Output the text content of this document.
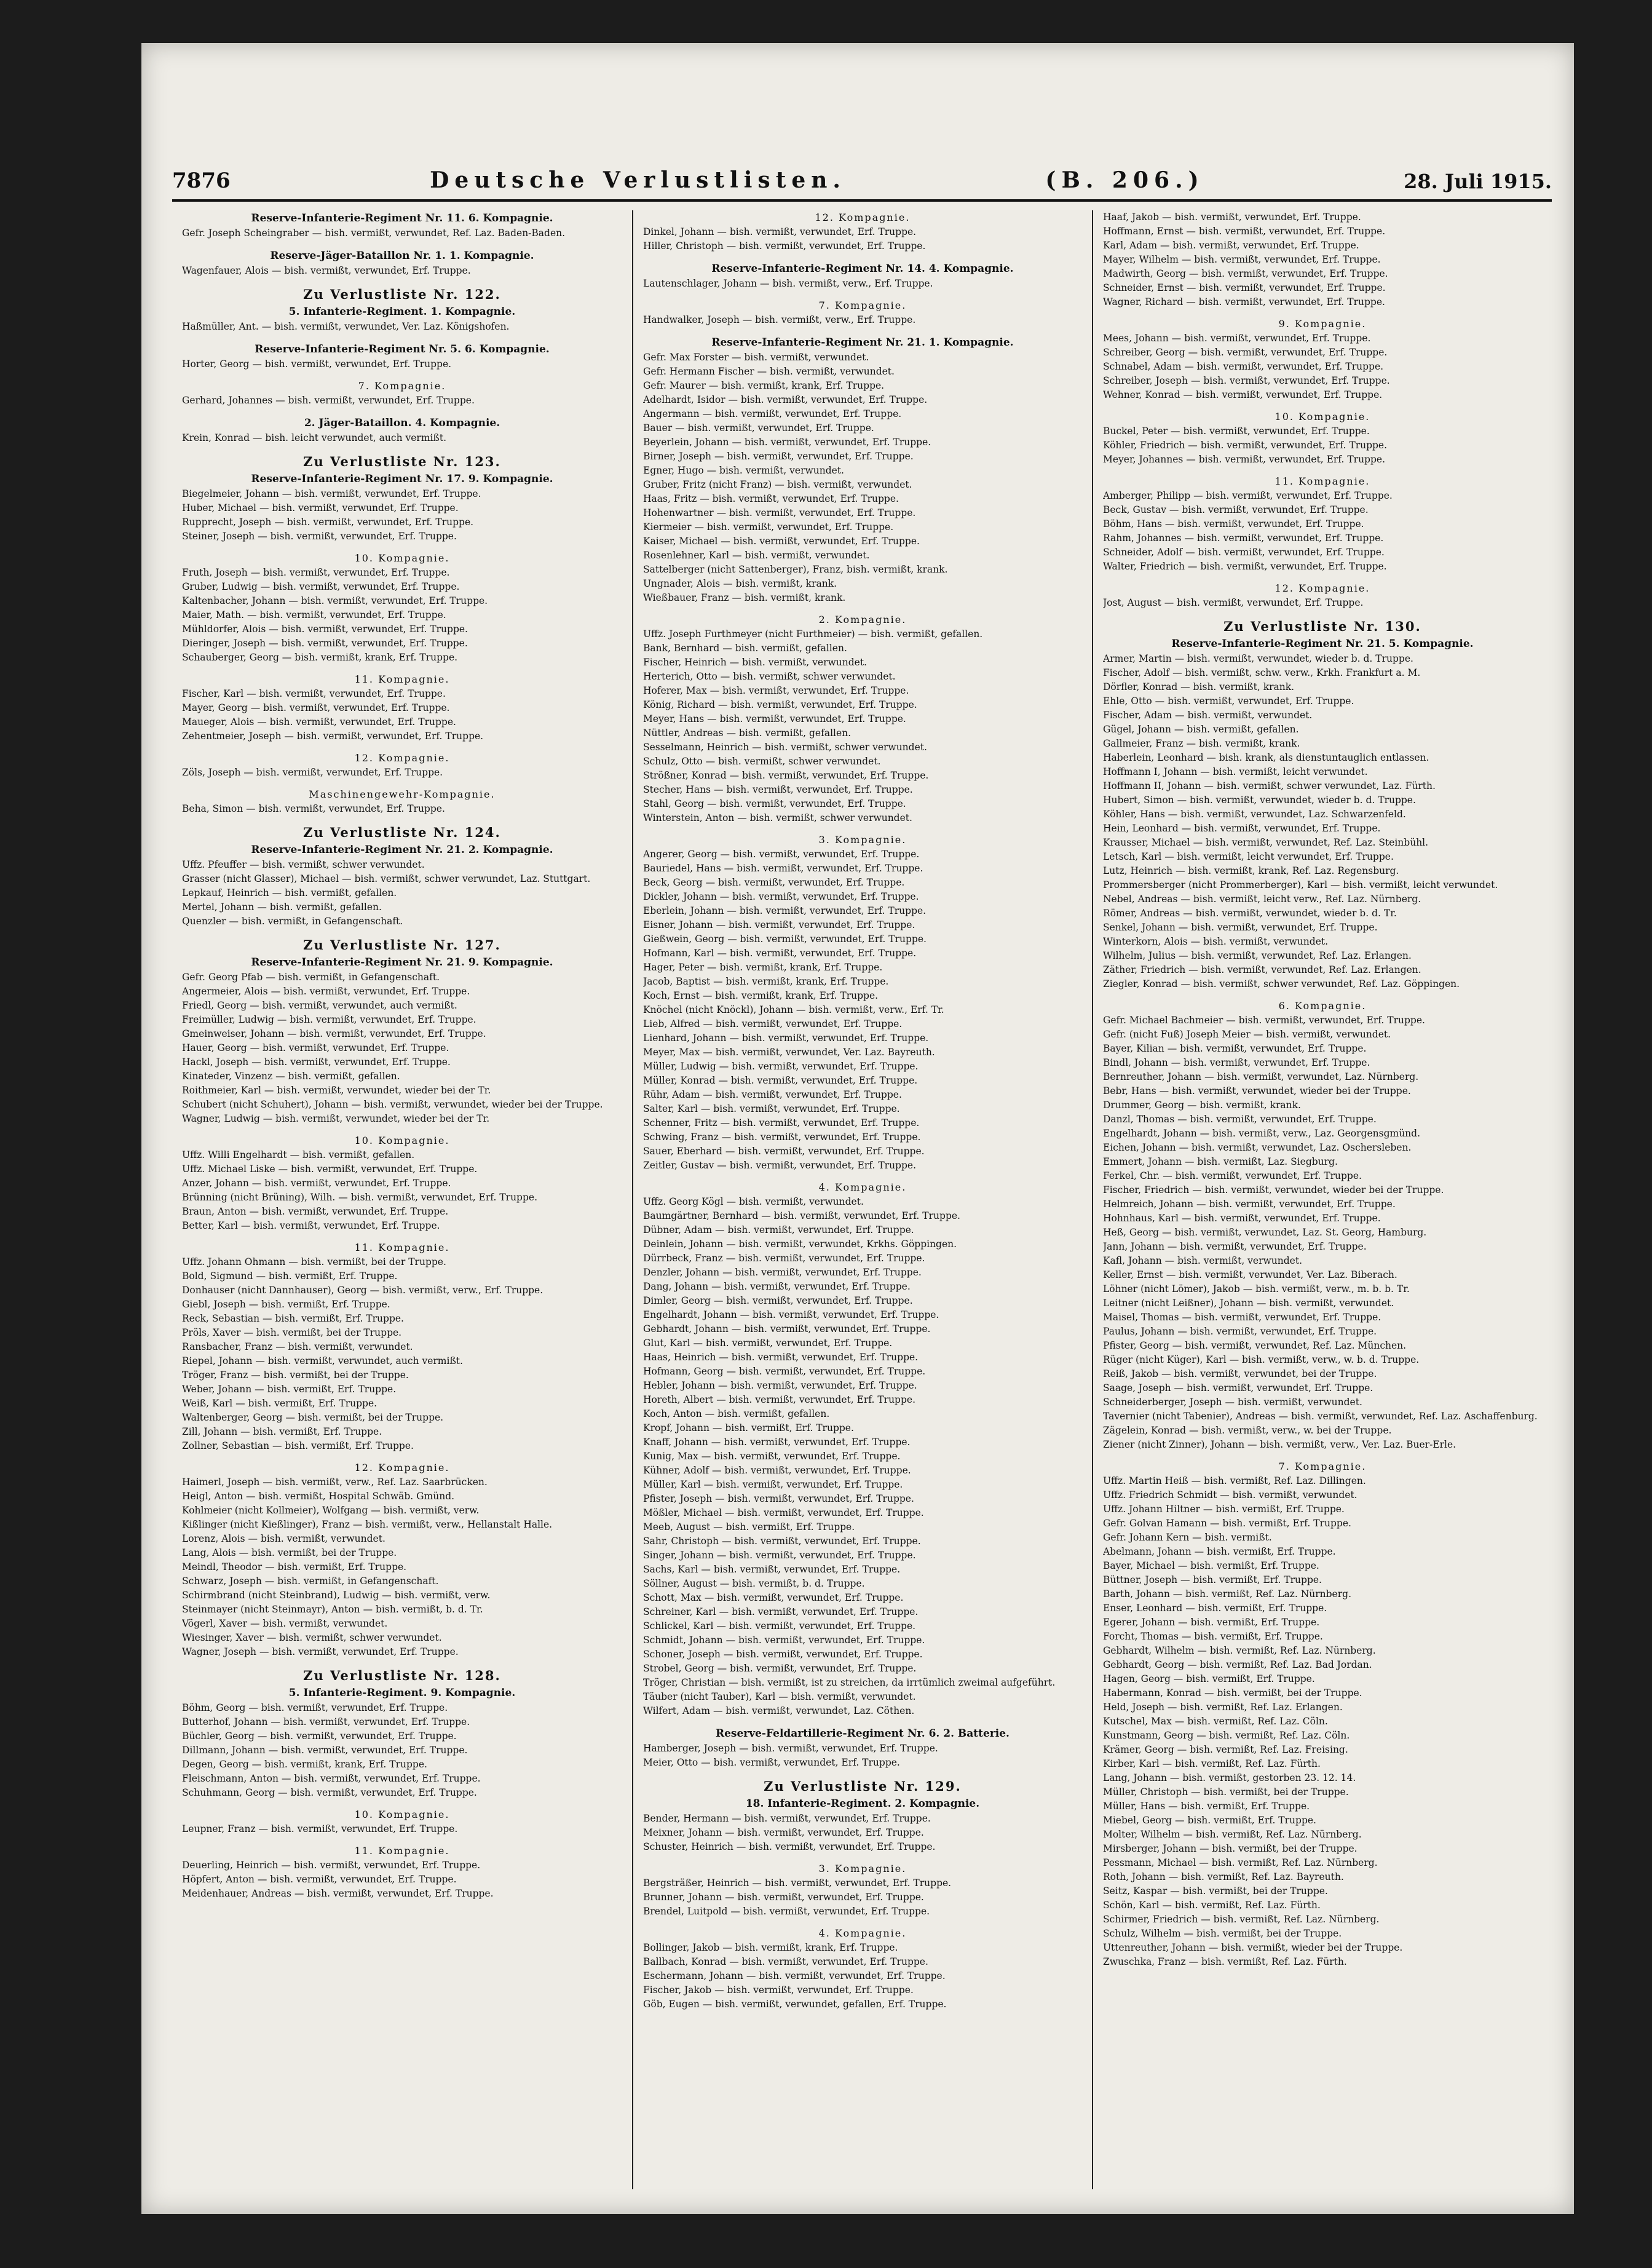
7876	Deutsche Verlustlisten.	(B. 206.)	28. Juli 1915.
Reserve-Infanterie-Regiment Nr. 11. 6. Kompagnie.
Gefr. Joseph Scheingraber — bish. vermißt, verwundet, Ref. Laz. Baden-Baden.
Reserve-Jäger-Bataillon Nr. 1. 1. Kompagnie.
Wagenfauer, Alois — bish. vermißt, verwundet, Erf. Truppe.
Zu Verlustliste Nr. 122.
5. Infanterie-Regiment. 1. Kompagnie.
Haßmüller, Ant. — bish. vermißt, verwundet, Ver. Laz. Königshofen.
Reserve-Infanterie-Regiment Nr. 5. 6. Kompagnie.
Horter, Georg — bish. vermißt, verwundet, Erf. Truppe.
7. Kompagnie.
Gerhard, Johannes — bish. vermißt, verwundet, Erf. Truppe.
2. Jäger-Bataillon. 4. Kompagnie.
Krein, Konrad — bish. leicht verwundet, auch vermißt.
Zu Verlustliste Nr. 123.
Reserve-Infanterie-Regiment Nr. 17. 9. Kompagnie.
Biegelmeier, Johann — bish. vermißt, verwundet, Erf. Truppe.
Huber, Michael — bish. vermißt, verwundet, Erf. Truppe.
Rupprecht, Joseph — bish. vermißt, verwundet, Erf. Truppe.
Steiner, Joseph — bish. vermißt, verwundet, Erf. Truppe.
10. Kompagnie.
Fruth, Joseph — bish. vermißt, verwundet, Erf. Truppe.
Gruber, Ludwig — bish. vermißt, verwundet, Erf. Truppe.
Kaltenbacher, Johann — bish. vermißt, verwundet, Erf. Truppe.
Maier, Math. — bish. vermißt, verwundet, Erf. Truppe.
Mühldorfer, Alois — bish. vermißt, verwundet, Erf. Truppe.
Dieringer, Joseph — bish. vermißt, verwundet, Erf. Truppe.
Schauberger, Georg — bish. vermißt, krank, Erf. Truppe.
11. Kompagnie.
Fischer, Karl — bish. vermißt, verwundet, Erf. Truppe.
Mayer, Georg — bish. vermißt, verwundet, Erf. Truppe.
Maueger, Alois — bish. vermißt, verwundet, Erf. Truppe.
Zehentmeier, Joseph — bish. vermißt, verwundet, Erf. Truppe.
12. Kompagnie.
Zöls, Joseph — bish. vermißt, verwundet, Erf. Truppe.
Maschinengewehr-Kompagnie.
Beha, Simon — bish. vermißt, verwundet, Erf. Truppe.
Zu Verlustliste Nr. 124.
Reserve-Infanterie-Regiment Nr. 21. 2. Kompagnie.
Uffz. Pfeuffer — bish. vermißt, schwer verwundet.
Grasser (nicht Glasser), Michael — bish. vermißt, schwer verwundet, Laz. Stuttgart.
Lepkauf, Heinrich — bish. vermißt, gefallen.
Mertel, Johann — bish. vermißt, gefallen.
Quenzler — bish. vermißt, in Gefangenschaft.
Zu Verlustliste Nr. 127.
Reserve-Infanterie-Regiment Nr. 21. 9. Kompagnie.
Gefr. Georg Pfab — bish. vermißt, in Gefangenschaft.
Angermeier, Alois — bish. vermißt, verwundet, Erf. Truppe.
Friedl, Georg — bish. vermißt, verwundet, auch vermißt.
Freimüller, Ludwig — bish. vermißt, verwundet, Erf. Truppe.
Gmeinweiser, Johann — bish. vermißt, verwundet, Erf. Truppe.
Hauer, Georg — bish. vermißt, verwundet, Erf. Truppe.
Hackl, Joseph — bish. vermißt, verwundet, Erf. Truppe.
Kinateder, Vinzenz — bish. vermißt, gefallen.
Roithmeier, Karl — bish. vermißt, verwundet, wieder bei der Tr.
Schubert (nicht Schuhert), Johann — bish. vermißt, verwundet, wieder bei der Truppe.
Wagner, Ludwig — bish. vermißt, verwundet, wieder bei der Tr.
10. Kompagnie.
Uffz. Willi Engelhardt — bish. vermißt, gefallen.
Uffz. Michael Liske — bish. vermißt, verwundet, Erf. Truppe.
Anzer, Johann — bish. vermißt, verwundet, Erf. Truppe.
Brünning (nicht Brüning), Wilh. — bish. vermißt, verwundet, Erf. Truppe.
Braun, Anton — bish. vermißt, verwundet, Erf. Truppe.
Better, Karl — bish. vermißt, verwundet, Erf. Truppe.
11. Kompagnie.
Uffz. Johann Ohmann — bish. vermißt, bei der Truppe.
Bold, Sigmund — bish. vermißt, Erf. Truppe.
Donhauser (nicht Dannhauser), Georg — bish. vermißt, verw., Erf. Truppe.
Giebl, Joseph — bish. vermißt, Erf. Truppe.
Reck, Sebastian — bish. vermißt, Erf. Truppe.
Pröls, Xaver — bish. vermißt, bei der Truppe.
Ransbacher, Franz — bish. vermißt, verwundet.
Riepel, Johann — bish. vermißt, verwundet, auch vermißt.
Tröger, Franz — bish. vermißt, bei der Truppe.
Weber, Johann — bish. vermißt, Erf. Truppe.
Weiß, Karl — bish. vermißt, Erf. Truppe.
Waltenberger, Georg — bish. vermißt, bei der Truppe.
Zill, Johann — bish. vermißt, Erf. Truppe.
Zollner, Sebastian — bish. vermißt, Erf. Truppe.
12. Kompagnie.
Haimerl, Joseph — bish. vermißt, verw., Ref. Laz. Saarbrücken.
Heigl, Anton — bish. vermißt, Hospital Schwäb. Gmünd.
Kohlmeier (nicht Kollmeier), Wolfgang — bish. vermißt, verw.
Kißlinger (nicht Kießlinger), Franz — bish. vermißt, verw., Hellanstalt Halle.
Lorenz, Alois — bish. vermißt, verwundet.
Lang, Alois — bish. vermißt, bei der Truppe.
Meindl, Theodor — bish. vermißt, Erf. Truppe.
Schwarz, Joseph — bish. vermißt, in Gefangenschaft.
Schirmbrand (nicht Steinbrand), Ludwig — bish. vermißt, verw.
Steinmayer (nicht Steinmayr), Anton — bish. vermißt, b. d. Tr.
Vögerl, Xaver — bish. vermißt, verwundet.
Wiesinger, Xaver — bish. vermißt, schwer verwundet.
Wagner, Joseph — bish. vermißt, verwundet, Erf. Truppe.
Zu Verlustliste Nr. 128.
5. Infanterie-Regiment. 9. Kompagnie.
Böhm, Georg — bish. vermißt, verwundet, Erf. Truppe.
Butterhof, Johann — bish. vermißt, verwundet, Erf. Truppe.
Büchler, Georg — bish. vermißt, verwundet, Erf. Truppe.
Dillmann, Johann — bish. vermißt, verwundet, Erf. Truppe.
Degen, Georg — bish. vermißt, krank, Erf. Truppe.
Fleischmann, Anton — bish. vermißt, verwundet, Erf. Truppe.
Schuhmann, Georg — bish. vermißt, verwundet, Erf. Truppe.
10. Kompagnie.
Leupner, Franz — bish. vermißt, verwundet, Erf. Truppe.
11. Kompagnie.
Deuerling, Heinrich — bish. vermißt, verwundet, Erf. Truppe.
Höpfert, Anton — bish. vermißt, verwundet, Erf. Truppe.
Meidenhauer, Andreas — bish. vermißt, verwundet, Erf. Truppe.
12. Kompagnie.
Dinkel, Johann — bish. vermißt, verwundet, Erf. Truppe.
Hiller, Christoph — bish. vermißt, verwundet, Erf. Truppe.
Reserve-Infanterie-Regiment Nr. 14. 4. Kompagnie.
Lautenschlager, Johann — bish. vermißt, verw., Erf. Truppe.
7. Kompagnie.
Handwalker, Joseph — bish. vermißt, verw., Erf. Truppe.
Reserve-Infanterie-Regiment Nr. 21. 1. Kompagnie.
Gefr. Max Forster — bish. vermißt, verwundet.
Gefr. Hermann Fischer — bish. vermißt, verwundet.
Gefr. Maurer — bish. vermißt, krank, Erf. Truppe.
Adelhardt, Isidor — bish. vermißt, verwundet, Erf. Truppe.
Angermann — bish. vermißt, verwundet, Erf. Truppe.
Bauer — bish. vermißt, verwundet, Erf. Truppe.
Beyerlein, Johann — bish. vermißt, verwundet, Erf. Truppe.
Birner, Joseph — bish. vermißt, verwundet, Erf. Truppe.
Egner, Hugo — bish. vermißt, verwundet.
Gruber, Fritz (nicht Franz) — bish. vermißt, verwundet.
Haas, Fritz — bish. vermißt, verwundet, Erf. Truppe.
Hohenwartner — bish. vermißt, verwundet, Erf. Truppe.
Kiermeier — bish. vermißt, verwundet, Erf. Truppe.
Kaiser, Michael — bish. vermißt, verwundet, Erf. Truppe.
Rosenlehner, Karl — bish. vermißt, verwundet.
Sattelberger (nicht Sattenberger), Franz, bish. vermißt, krank.
Ungnader, Alois — bish. vermißt, krank.
Wießbauer, Franz — bish. vermißt, krank.
2. Kompagnie.
Uffz. Joseph Furthmeyer (nicht Furthmeier) — bish. vermißt, gefallen.
Bank, Bernhard — bish. vermißt, gefallen.
Fischer, Heinrich — bish. vermißt, verwundet.
Herterich, Otto — bish. vermißt, schwer verwundet.
Hoferer, Max — bish. vermißt, verwundet, Erf. Truppe.
König, Richard — bish. vermißt, verwundet, Erf. Truppe.
Meyer, Hans — bish. vermißt, verwundet, Erf. Truppe.
Nüttler, Andreas — bish. vermißt, gefallen.
Sesselmann, Heinrich — bish. vermißt, schwer verwundet.
Schulz, Otto — bish. vermißt, schwer verwundet.
Strößner, Konrad — bish. vermißt, verwundet, Erf. Truppe.
Stecher, Hans — bish. vermißt, verwundet, Erf. Truppe.
Stahl, Georg — bish. vermißt, verwundet, Erf. Truppe.
Winterstein, Anton — bish. vermißt, schwer verwundet.
3. Kompagnie.
Angerer, Georg — bish. vermißt, verwundet, Erf. Truppe.
Bauriedel, Hans — bish. vermißt, verwundet, Erf. Truppe.
Beck, Georg — bish. vermißt, verwundet, Erf. Truppe.
Dickler, Johann — bish. vermißt, verwundet, Erf. Truppe.
Eberlein, Johann — bish. vermißt, verwundet, Erf. Truppe.
Eisner, Johann — bish. vermißt, verwundet, Erf. Truppe.
Gießwein, Georg — bish. vermißt, verwundet, Erf. Truppe.
Hofmann, Karl — bish. vermißt, verwundet, Erf. Truppe.
Hager, Peter — bish. vermißt, krank, Erf. Truppe.
Jacob, Baptist — bish. vermißt, krank, Erf. Truppe.
Koch, Ernst — bish. vermißt, krank, Erf. Truppe.
Knöchel (nicht Knöckl), Johann — bish. vermißt, verw., Erf. Tr.
Lieb, Alfred — bish. vermißt, verwundet, Erf. Truppe.
Lienhard, Johann — bish. vermißt, verwundet, Erf. Truppe.
Meyer, Max — bish. vermißt, verwundet, Ver. Laz. Bayreuth.
Müller, Ludwig — bish. vermißt, verwundet, Erf. Truppe.
Müller, Konrad — bish. vermißt, verwundet, Erf. Truppe.
Rühr, Adam — bish. vermißt, verwundet, Erf. Truppe.
Salter, Karl — bish. vermißt, verwundet, Erf. Truppe.
Schenner, Fritz — bish. vermißt, verwundet, Erf. Truppe.
Schwing, Franz — bish. vermißt, verwundet, Erf. Truppe.
Sauer, Eberhard — bish. vermißt, verwundet, Erf. Truppe.
Zeitler, Gustav — bish. vermißt, verwundet, Erf. Truppe.
4. Kompagnie.
Uffz. Georg Kögl — bish. vermißt, verwundet.
Baumgärtner, Bernhard — bish. vermißt, verwundet, Erf. Truppe.
Dübner, Adam — bish. vermißt, verwundet, Erf. Truppe.
Deinlein, Johann — bish. vermißt, verwundet, Krkhs. Göppingen.
Dürrbeck, Franz — bish. vermißt, verwundet, Erf. Truppe.
Denzler, Johann — bish. vermißt, verwundet, Erf. Truppe.
Dang, Johann — bish. vermißt, verwundet, Erf. Truppe.
Dimler, Georg — bish. vermißt, verwundet, Erf. Truppe.
Engelhardt, Johann — bish. vermißt, verwundet, Erf. Truppe.
Gebhardt, Johann — bish. vermißt, verwundet, Erf. Truppe.
Glut, Karl — bish. vermißt, verwundet, Erf. Truppe.
Haas, Heinrich — bish. vermißt, verwundet, Erf. Truppe.
Hofmann, Georg — bish. vermißt, verwundet, Erf. Truppe.
Hebler, Johann — bish. vermißt, verwundet, Erf. Truppe.
Horeth, Albert — bish. vermißt, verwundet, Erf. Truppe.
Koch, Anton — bish. vermißt, gefallen.
Kropf, Johann — bish. vermißt, Erf. Truppe.
Knaff, Johann — bish. vermißt, verwundet, Erf. Truppe.
Kunig, Max — bish. vermißt, verwundet, Erf. Truppe.
Kühner, Adolf — bish. vermißt, verwundet, Erf. Truppe.
Müller, Karl — bish. vermißt, verwundet, Erf. Truppe.
Pfister, Joseph — bish. vermißt, verwundet, Erf. Truppe.
Mößler, Michael — bish. vermißt, verwundet, Erf. Truppe.
Meeb, August — bish. vermißt, Erf. Truppe.
Sahr, Christoph — bish. vermißt, verwundet, Erf. Truppe.
Singer, Johann — bish. vermißt, verwundet, Erf. Truppe.
Sachs, Karl — bish. vermißt, verwundet, Erf. Truppe.
Söllner, August — bish. vermißt, b. d. Truppe.
Schott, Max — bish. vermißt, verwundet, Erf. Truppe.
Schreiner, Karl — bish. vermißt, verwundet, Erf. Truppe.
Schlickel, Karl — bish. vermißt, verwundet, Erf. Truppe.
Schmidt, Johann — bish. vermißt, verwundet, Erf. Truppe.
Schoner, Joseph — bish. vermißt, verwundet, Erf. Truppe.
Strobel, Georg — bish. vermißt, verwundet, Erf. Truppe.
Tröger, Christian — bish. vermißt, ist zu streichen, da irrtümlich zweimal aufgeführt.
Täuber (nicht Tauber), Karl — bish. vermißt, verwundet.
Wilfert, Adam — bish. vermißt, verwundet, Laz. Cöthen.
Reserve-Feldartillerie-Regiment Nr. 6. 2. Batterie.
Hamberger, Joseph — bish. vermißt, verwundet, Erf. Truppe.
Meier, Otto — bish. vermißt, verwundet, Erf. Truppe.
Zu Verlustliste Nr. 129.
18. Infanterie-Regiment. 2. Kompagnie.
Bender, Hermann — bish. vermißt, verwundet, Erf. Truppe.
Meixner, Johann — bish. vermißt, verwundet, Erf. Truppe.
Schuster, Heinrich — bish. vermißt, verwundet, Erf. Truppe.
3. Kompagnie.
Bergsträßer, Heinrich — bish. vermißt, verwundet, Erf. Truppe.
Brunner, Johann — bish. vermißt, verwundet, Erf. Truppe.
Brendel, Luitpold — bish. vermißt, verwundet, Erf. Truppe.
4. Kompagnie.
Bollinger, Jakob — bish. vermißt, krank, Erf. Truppe.
Ballbach, Konrad — bish. vermißt, verwundet, Erf. Truppe.
Eschermann, Johann — bish. vermißt, verwundet, Erf. Truppe.
Fischer, Jakob — bish. vermißt, verwundet, Erf. Truppe.
Göb, Eugen — bish. vermißt, verwundet, gefallen, Erf. Truppe.
Haaf, Jakob — bish. vermißt, verwundet, Erf. Truppe.
Hoffmann, Ernst — bish. vermißt, verwundet, Erf. Truppe.
Karl, Adam — bish. vermißt, verwundet, Erf. Truppe.
Mayer, Wilhelm — bish. vermißt, verwundet, Erf. Truppe.
Madwirth, Georg — bish. vermißt, verwundet, Erf. Truppe.
Schneider, Ernst — bish. vermißt, verwundet, Erf. Truppe.
Wagner, Richard — bish. vermißt, verwundet, Erf. Truppe.
9. Kompagnie.
Mees, Johann — bish. vermißt, verwundet, Erf. Truppe.
Schreiber, Georg — bish. vermißt, verwundet, Erf. Truppe.
Schnabel, Adam — bish. vermißt, verwundet, Erf. Truppe.
Schreiber, Joseph — bish. vermißt, verwundet, Erf. Truppe.
Wehner, Konrad — bish. vermißt, verwundet, Erf. Truppe.
10. Kompagnie.
Buckel, Peter — bish. vermißt, verwundet, Erf. Truppe.
Köhler, Friedrich — bish. vermißt, verwundet, Erf. Truppe.
Meyer, Johannes — bish. vermißt, verwundet, Erf. Truppe.
11. Kompagnie.
Amberger, Philipp — bish. vermißt, verwundet, Erf. Truppe.
Beck, Gustav — bish. vermißt, verwundet, Erf. Truppe.
Böhm, Hans — bish. vermißt, verwundet, Erf. Truppe.
Rahm, Johannes — bish. vermißt, verwundet, Erf. Truppe.
Schneider, Adolf — bish. vermißt, verwundet, Erf. Truppe.
Walter, Friedrich — bish. vermißt, verwundet, Erf. Truppe.
12. Kompagnie.
Jost, August — bish. vermißt, verwundet, Erf. Truppe.
Zu Verlustliste Nr. 130.
Reserve-Infanterie-Regiment Nr. 21. 5. Kompagnie.
Armer, Martin — bish. vermißt, verwundet, wieder b. d. Truppe.
Fischer, Adolf — bish. vermißt, schw. verw., Krkh. Frankfurt a. M.
Dörfler, Konrad — bish. vermißt, krank.
Ehle, Otto — bish. vermißt, verwundet, Erf. Truppe.
Fischer, Adam — bish. vermißt, verwundet.
Gügel, Johann — bish. vermißt, gefallen.
Gallmeier, Franz — bish. vermißt, krank.
Haberlein, Leonhard — bish. krank, als dienstuntauglich entlassen.
Hoffmann I, Johann — bish. vermißt, leicht verwundet.
Hoffmann II, Johann — bish. vermißt, schwer verwundet, Laz. Fürth.
Hubert, Simon — bish. vermißt, verwundet, wieder b. d. Truppe.
Köhler, Hans — bish. vermißt, verwundet, Laz. Schwarzenfeld.
Hein, Leonhard — bish. vermißt, verwundet, Erf. Truppe.
Krausser, Michael — bish. vermißt, verwundet, Ref. Laz. Steinbühl.
Letsch, Karl — bish. vermißt, leicht verwundet, Erf. Truppe.
Lutz, Heinrich — bish. vermißt, krank, Ref. Laz. Regensburg.
Prommersberger (nicht Prommerberger), Karl — bish. vermißt, leicht verwundet.
Nebel, Andreas — bish. vermißt, leicht verw., Ref. Laz. Nürnberg.
Römer, Andreas — bish. vermißt, verwundet, wieder b. d. Tr.
Senkel, Johann — bish. vermißt, verwundet, Erf. Truppe.
Winterkorn, Alois — bish. vermißt, verwundet.
Wilhelm, Julius — bish. vermißt, verwundet, Ref. Laz. Erlangen.
Zäther, Friedrich — bish. vermißt, verwundet, Ref. Laz. Erlangen.
Ziegler, Konrad — bish. vermißt, schwer verwundet, Ref. Laz. Göppingen.
6. Kompagnie.
Gefr. Michael Bachmeier — bish. vermißt, verwundet, Erf. Truppe.
Gefr. (nicht Fuß) Joseph Meier — bish. vermißt, verwundet.
Bayer, Kilian — bish. vermißt, verwundet, Erf. Truppe.
Bindl, Johann — bish. vermißt, verwundet, Erf. Truppe.
Bernreuther, Johann — bish. vermißt, verwundet, Laz. Nürnberg.
Bebr, Hans — bish. vermißt, verwundet, wieder bei der Truppe.
Drummer, Georg — bish. vermißt, krank.
Danzl, Thomas — bish. vermißt, verwundet, Erf. Truppe.
Engelhardt, Johann — bish. vermißt, verw., Laz. Georgensgmünd.
Eichen, Johann — bish. vermißt, verwundet, Laz. Oschersleben.
Emmert, Johann — bish. vermißt, Laz. Siegburg.
Ferkel, Chr. — bish. vermißt, verwundet, Erf. Truppe.
Fischer, Friedrich — bish. vermißt, verwundet, wieder bei der Truppe.
Helmreich, Johann — bish. vermißt, verwundet, Erf. Truppe.
Hohnhaus, Karl — bish. vermißt, verwundet, Erf. Truppe.
Heß, Georg — bish. vermißt, verwundet, Laz. St. Georg, Hamburg.
Jann, Johann — bish. vermißt, verwundet, Erf. Truppe.
Kafl, Johann — bish. vermißt, verwundet.
Keller, Ernst — bish. vermißt, verwundet, Ver. Laz. Biberach.
Löhner (nicht Lömer), Jakob — bish. vermißt, verw., m. b. b. Tr.
Leitner (nicht Leißner), Johann — bish. vermißt, verwundet.
Maisel, Thomas — bish. vermißt, verwundet, Erf. Truppe.
Paulus, Johann — bish. vermißt, verwundet, Erf. Truppe.
Pfister, Georg — bish. vermißt, verwundet, Ref. Laz. München.
Rüger (nicht Küger), Karl — bish. vermißt, verw., w. b. d. Truppe.
Reiß, Jakob — bish. vermißt, verwundet, bei der Truppe.
Saage, Joseph — bish. vermißt, verwundet, Erf. Truppe.
Schneiderberger, Joseph — bish. vermißt, verwundet.
Tavernier (nicht Tabenier), Andreas — bish. vermißt, verwundet, Ref. Laz. Aschaffenburg.
Zägelein, Konrad — bish. vermißt, verw., w. bei der Truppe.
Ziener (nicht Zinner), Johann — bish. vermißt, verw., Ver. Laz. Buer-Erle.
7. Kompagnie.
Uffz. Martin Heiß — bish. vermißt, Ref. Laz. Dillingen.
Uffz. Friedrich Schmidt — bish. vermißt, verwundet.
Uffz. Johann Hiltner — bish. vermißt, Erf. Truppe.
Gefr. Golvan Hamann — bish. vermißt, Erf. Truppe.
Gefr. Johann Kern — bish. vermißt.
Abelmann, Johann — bish. vermißt, Erf. Truppe.
Bayer, Michael — bish. vermißt, Erf. Truppe.
Büttner, Joseph — bish. vermißt, Erf. Truppe.
Barth, Johann — bish. vermißt, Ref. Laz. Nürnberg.
Enser, Leonhard — bish. vermißt, Erf. Truppe.
Egerer, Johann — bish. vermißt, Erf. Truppe.
Forcht, Thomas — bish. vermißt, Erf. Truppe.
Gebhardt, Wilhelm — bish. vermißt, Ref. Laz. Nürnberg.
Gebhardt, Georg — bish. vermißt, Ref. Laz. Bad Jordan.
Hagen, Georg — bish. vermißt, Erf. Truppe.
Habermann, Konrad — bish. vermißt, bei der Truppe.
Held, Joseph — bish. vermißt, Ref. Laz. Erlangen.
Kutschel, Max — bish. vermißt, Ref. Laz. Cöln.
Kunstmann, Georg — bish. vermißt, Ref. Laz. Cöln.
Krämer, Georg — bish. vermißt, Ref. Laz. Freising.
Kirber, Karl — bish. vermißt, Ref. Laz. Fürth.
Lang, Johann — bish. vermißt, gestorben 23. 12. 14.
Müller, Christoph — bish. vermißt, bei der Truppe.
Müller, Hans — bish. vermißt, Erf. Truppe.
Miebel, Georg — bish. vermißt, Erf. Truppe.
Molter, Wilhelm — bish. vermißt, Ref. Laz. Nürnberg.
Mirsberger, Johann — bish. vermißt, bei der Truppe.
Pessmann, Michael — bish. vermißt, Ref. Laz. Nürnberg.
Roth, Johann — bish. vermißt, Ref. Laz. Bayreuth.
Seitz, Kaspar — bish. vermißt, bei der Truppe.
Schön, Karl — bish. vermißt, Ref. Laz. Fürth.
Schirmer, Friedrich — bish. vermißt, Ref. Laz. Nürnberg.
Schulz, Wilhelm — bish. vermißt, bei der Truppe.
Uttenreuther, Johann — bish. vermißt, wieder bei der Truppe.
Zwuschka, Franz — bish. vermißt, Ref. Laz. Fürth.
